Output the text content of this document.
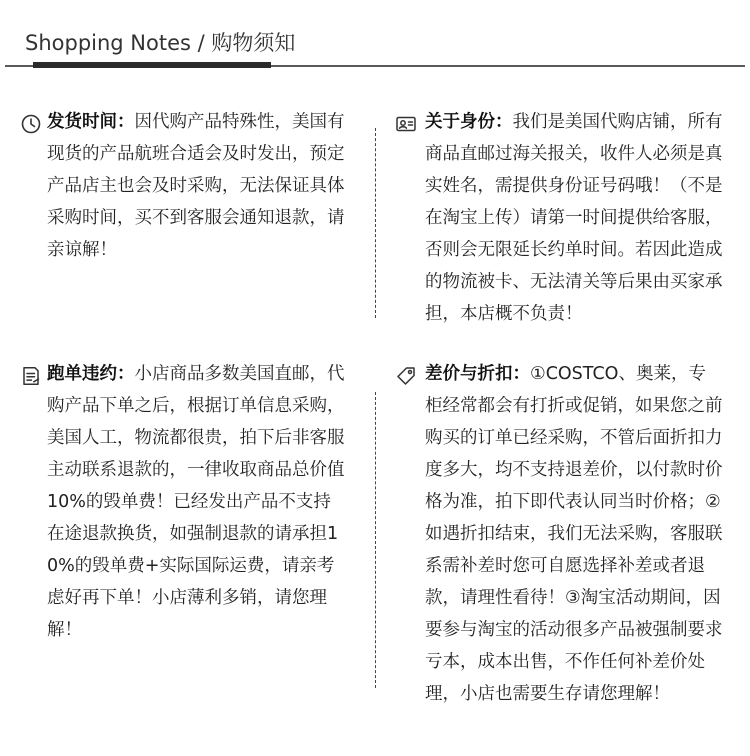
Shopping Notes / 购物须知
发货时间：因代购产品特殊性，美国有现货的产品航班合适会及时发出，预定产品店主也会及时采购，无法保证具体采购时间，买不到客服会通知退款，请亲谅解！
关于身份：我们是美国代购店铺，所有商品直邮过海关报关，收件人必须是真实姓名，需提供身份证号码哦！（不是在淘宝上传）请第一时间提供给客服，否则会无限延长约单时间。若因此造成的物流被卡、无法清关等后果由买家承担，本店概不负责！
跑单违约：小店商品多数美国直邮，代购产品下单之后，根据订单信息采购，美国人工，物流都很贵，拍下后非客服主动联系退款的，一律收取商品总价值10%的毁单费！已经发出产品不支持在途退款换货，如强制退款的请承担10%的毁单费+实际国际运费，请亲考虑好再下单！小店薄利多销，请您理解！
差价与折扣：①COSTCO、奥莱，专柜经常都会有打折或促销，如果您之前购买的订单已经采购，不管后面折扣力度多大，均不支持退差价，以付款时价格为准，拍下即代表认同当时价格；②如遇折扣结束，我们无法采购，客服联系需补差时您可自愿选择补差或者退款，请理性看待！③淘宝活动期间，因要参与淘宝的活动很多产品被强制要求亏本，成本出售，不作任何补差价处理，小店也需要生存请您理解！
